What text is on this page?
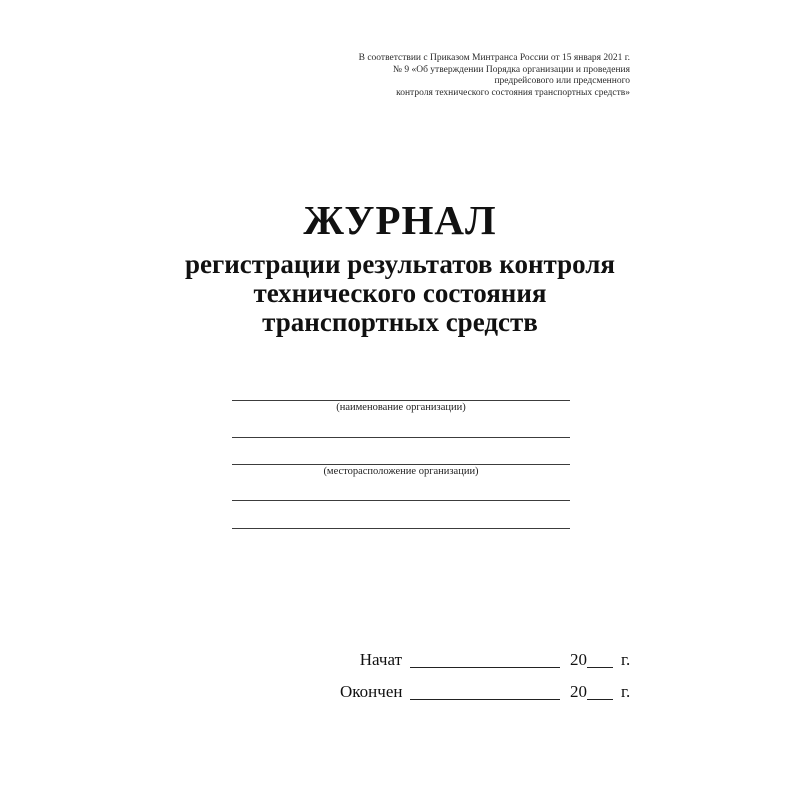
В соответствии с Приказом Минтранса России от 15 января 2021 г.
№ 9 «Об утверждении Порядка организации и проведения
предрейсового или предсменного
контроля технического состояния транспортных средств»
ЖУРНАЛ
регистрации результатов контроля
технического состояния
транспортных средств
(наименование организации)
(месторасположение организации)
Начат	20 г.
Окончен	20 г.
